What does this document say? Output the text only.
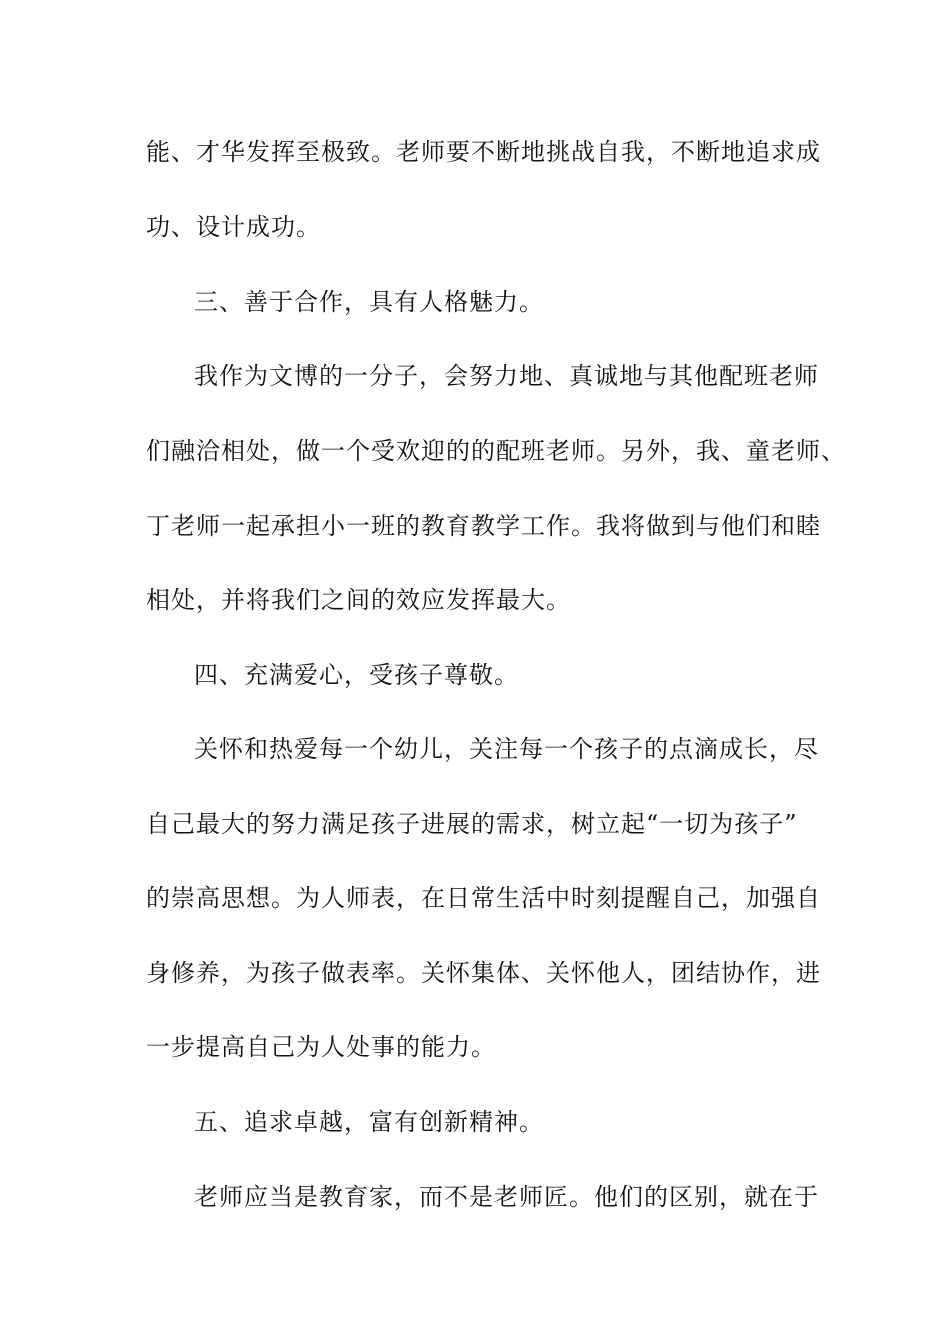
能、才华发挥至极致。老师要不断地挑战自我，不断地追求成
功、设计成功。
三、善于合作，具有人格魅力。
我作为文博的一分子，会努力地、真诚地与其他配班老师
们融洽相处，做一个受欢迎的的配班老师。另外，我、童老师、
丁老师一起承担小一班的教育教学工作。我将做到与他们和睦
相处，并将我们之间的效应发挥最大。
四、充满爱心，受孩子尊敬。
关怀和热爱每一个幼儿，关注每一个孩子的点滴成长，尽
自己最大的努力满足孩子进展的需求，树立起“一切为孩子”
的崇高思想。为人师表，在日常生活中时刻提醒自己，加强自
身修养，为孩子做表率。关怀集体、关怀他人，团结协作，进
一步提高自己为人处事的能力。
五、追求卓越，富有创新精神。
老师应当是教育家，而不是老师匠。他们的区别，就在于
